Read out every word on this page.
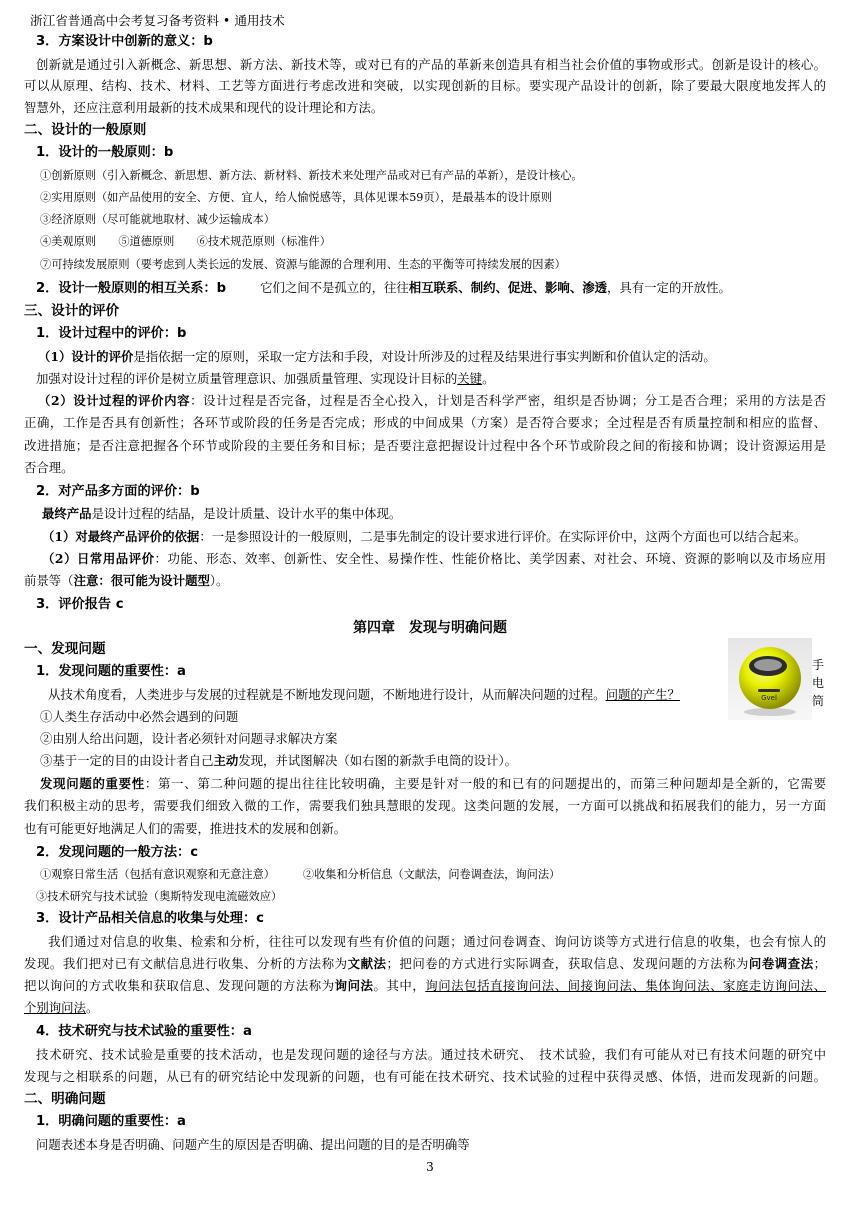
浙江省普通高中会考复习备考资料 • 通用技术
3．方案设计中创新的意义：b
创新就是通过引入新概念、新思想、新方法、新技术等，或对已有的产品的革新来创造具有相当社会价值的事物或形式。创新是设计的核心。
可以从原理、结构、技术、材料、工艺等方面进行考虑改进和突破，以实现创新的目标。要实现产品设计的创新，除了要最大限度地发挥人的
智慧外，还应注意利用最新的技术成果和现代的设计理论和方法。
二、设计的一般原则
1．设计的一般原则：b
①创新原则（引入新概念、新思想、新方法、新材料、新技术来处理产品或对已有产品的革新），是设计核心。
②实用原则（如产品使用的安全、方便、宜人，给人愉悦感等，具体见课本59页），是最基本的设计原则
③经济原则（尽可能就地取材、减少运输成本）
④美观原则　　⑤道德原则　　⑥技术规范原则（标准件）
⑦可持续发展原则（要考虑到人类长远的发展、资源与能源的合理利用、生态的平衡等可持续发展的因素）
2．设计一般原则的相互关系：b	它们之间不是孤立的，往往相互联系、制约、促进、影响、渗透，具有一定的开放性。
三、设计的评价
1．设计过程中的评价：b
（1）设计的评价是指依据一定的原则，采取一定方法和手段，对设计所涉及的过程及结果进行事实判断和价值认定的活动。
加强对设计过程的评价是树立质量管理意识、加强质量管理、实现设计目标的关键。
（2）设计过程的评价内容：设计过程是否完备，过程是否全心投入，计划是否科学严密，组织是否协调；分工是否合理；采用的方法是否
正确，工作是否具有创新性；各环节或阶段的任务是否完成；形成的中间成果（方案）是否符合要求；全过程是否有质量控制和相应的监督、
改进措施；是否注意把握各个环节或阶段的主要任务和目标；是否要注意把握设计过程中各个环节或阶段之间的衔接和协调；设计资源运用是
否合理。
2．对产品多方面的评价：b
最终产品是设计过程的结晶，是设计质量、设计水平的集中体现。
（1）对最终产品评价的依据：一是参照设计的一般原则，二是事先制定的设计要求进行评价。在实际评价中，这两个方面也可以结合起来。
（2）日常用品评价：功能、形态、效率、创新性、安全性、易操作性、性能价格比、美学因素、对社会、环境、资源的影响以及市场应用
前景等（注意：很可能为设计题型）。
3．评价报告 c
第四章　发现与明确问题
一、发现问题
1．发现问题的重要性：a
从技术角度看，人类进步与发展的过程就是不断地发现问题，不断地进行设计，从而解决问题的过程。问题的产生？
①人类生存活动中必然会遇到的问题
②由别人给出问题，设计者必须针对问题寻求解决方案
③基于一定的目的由设计者自己主动发现，并试图解决（如右图的新款手电筒的设计）。
发现问题的重要性：第一、第二种问题的提出往往比较明确，主要是针对一般的和已有的问题提出的，而第三种问题却是全新的，它需要
我们积极主动的思考，需要我们细致入微的工作，需要我们独具慧眼的发现。这类问题的发展，一方面可以挑战和拓展我们的能力，另一方面
也有可能更好地满足人们的需要，推进技术的发展和创新。
2．发现问题的一般方法：c
①观察日常生活（包括有意识观察和无意注意）　　　②收集和分析信息（文献法，问卷调查法，询问法）
③技术研究与技术试验（奥斯特发现电流磁效应）
3．设计产品相关信息的收集与处理：c
我们通过对信息的收集、检索和分析，往往可以发现有些有价值的问题；通过问卷调查、询问访谈等方式进行信息的收集，也会有惊人的
发现。我们把对已有文献信息进行收集、分析的方法称为文献法；把问卷的方式进行实际调查，获取信息、发现问题的方法称为问卷调查法；
把以询问的方式收集和获取信息、发现问题的方法称为询问法。其中，询问法包括直接询问法、间接询问法、集体询问法、家庭走访询问法、
个别询问法。
4．技术研究与技术试验的重要性：a
技术研究、技术试验是重要的技术活动，也是发现问题的途径与方法。通过技术研究、　技术试验，我们有可能从对已有技术问题的研究中
发现与之相联系的问题，从已有的研究结论中发现新的问题，也有可能在技术研究、技术试验的过程中获得灵感、体悟，进而发现新的问题。
二、明确问题
1．明确问题的重要性：a
问题表述本身是否明确、问题产生的原因是否明确、提出问题的目的是否明确等
Gvel
手电筒
3
